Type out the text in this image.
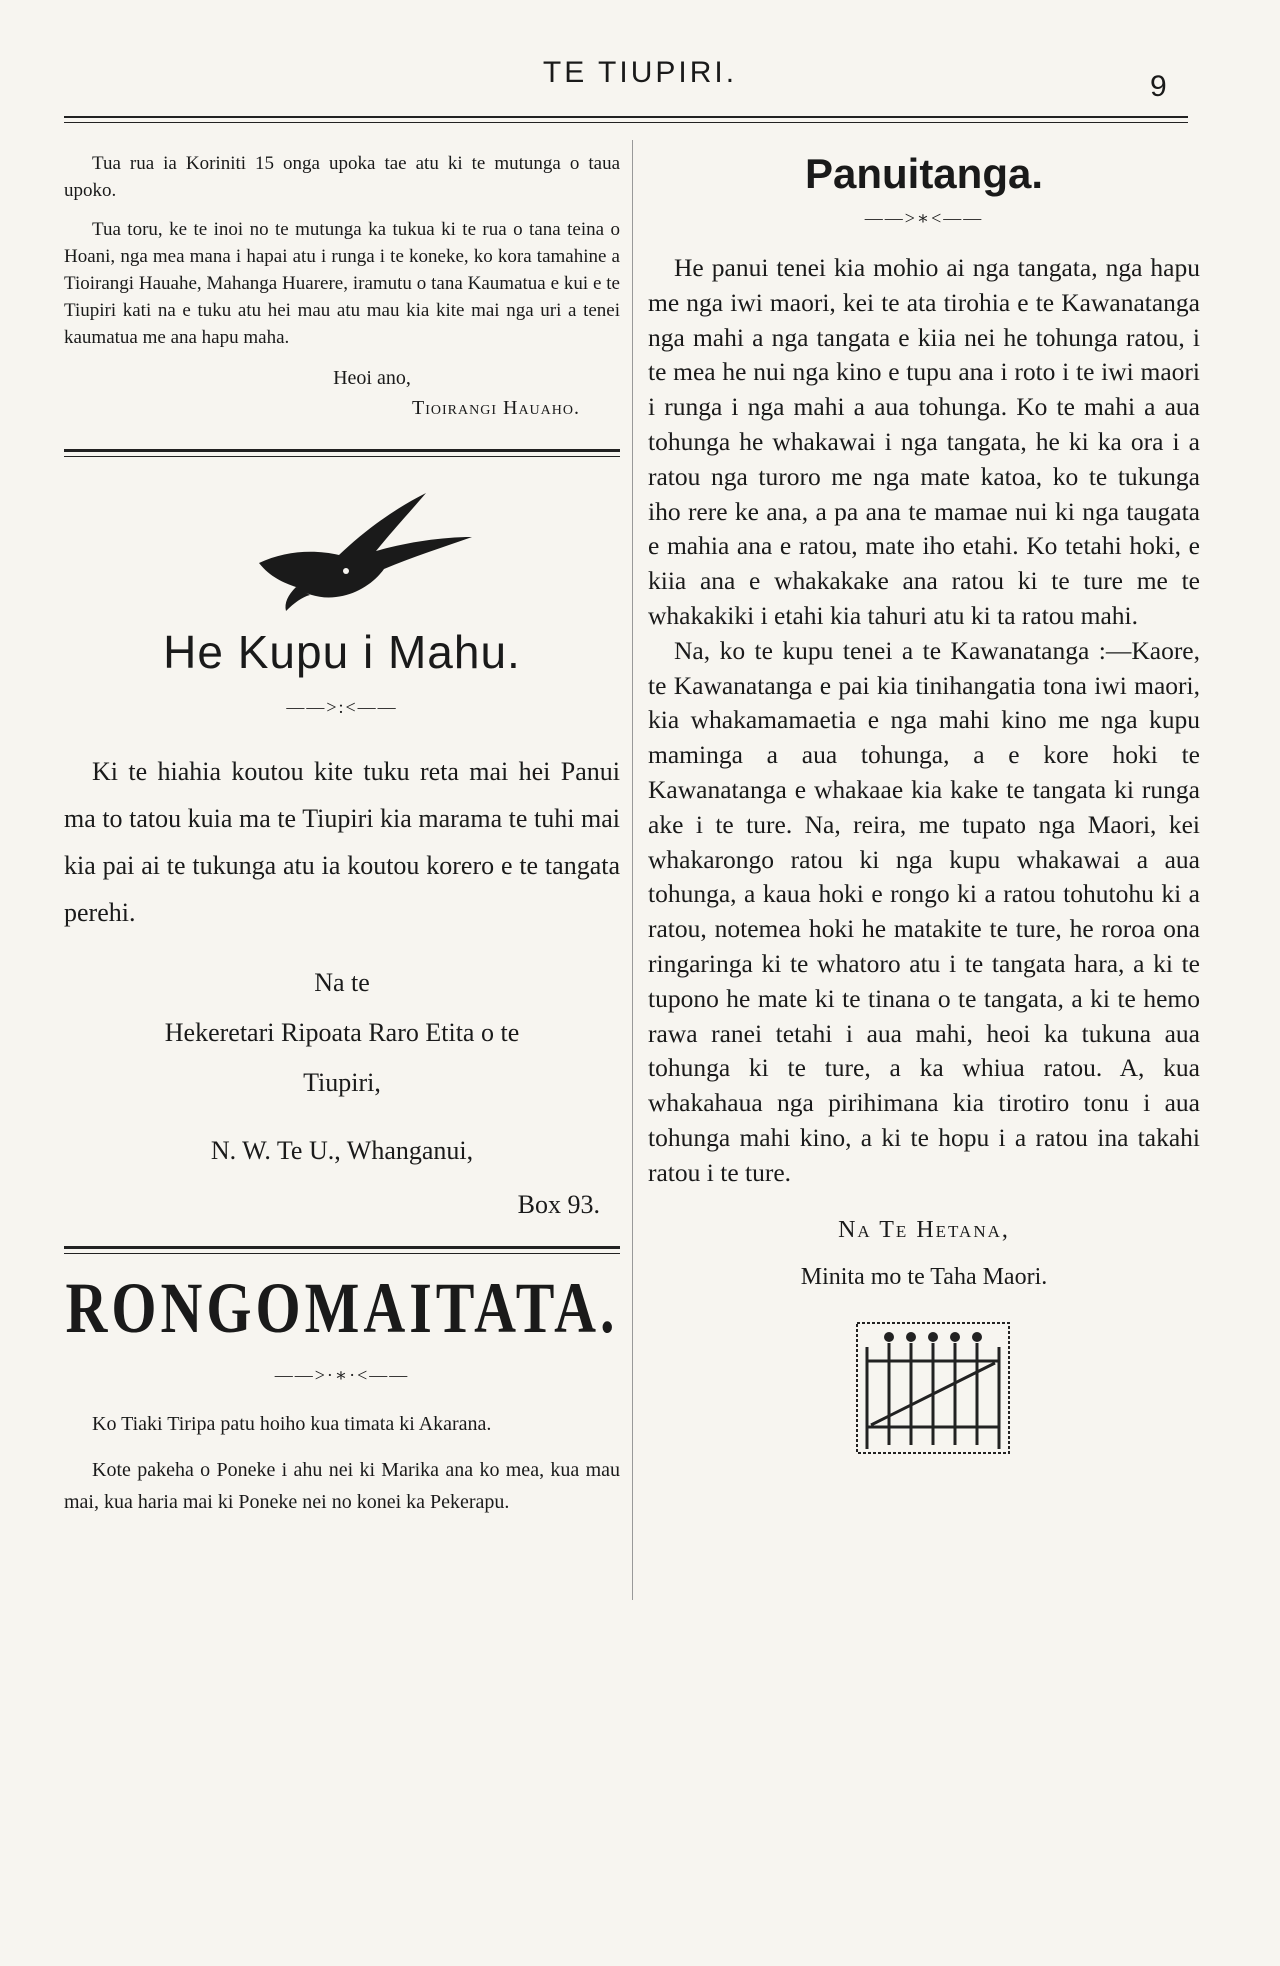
TE TIUPIRI.	9

Tua rua ia Koriniti 15 onga upoka tae atu ki te mutunga o taua upoko.

Tua toru, ke te inoi no te mutunga ka tukua ki te rua o tana teina o Hoani, nga mea mana i hapai atu i runga i te koneke, ko kora tamahine a Tioirangi Hauahe, Mahanga Huarere, iramutu o tana Kaumatua e kui e te Tiupiri kati na e tuku atu hei mau atu mau kia kite mai nga uri a tenei kaumatua me ana hapu maha.

Heoi ano,
Tioirangi Hauaho.
He Kupu i Mahu.
——>:<——

Ki te hiahia koutou kite tuku reta mai hei Panui ma to tatou kuia ma te Tiupiri kia marama te tuhi mai kia pai ai te tukunga atu ia koutou korero e te tangata perehi.

Na te
Hekeretari Ripoata Raro Etita o te
Tiupiri,
N. W. Te U., Whanganui,
Box 93.
RONGOMAITATA.
——>·∗·<——

Ko Tiaki Tiripa patu hoiho kua timata ki Akarana.

Kote pakeha o Poneke i ahu nei ki Marika ana ko mea, kua mau mai, kua haria mai ki Poneke nei no konei ka Pekerapu.

Panuitanga.
——>∗<——

He panui tenei kia mohio ai nga tangata, nga hapu me nga iwi maori, kei te ata tirohia e te Kawanatanga nga mahi a nga tangata e kiia nei he tohunga ratou, i te mea he nui nga kino e tupu ana i roto i te iwi maori i runga i nga mahi a aua tohunga. Ko te mahi a aua tohunga he whakawai i nga tangata, he ki ka ora i a ratou nga turoro me nga mate katoa, ko te tukunga iho rere ke ana, a pa ana te mamae nui ki nga taugata e mahia ana e ratou, mate iho etahi. Ko tetahi hoki, e kiia ana e whakakake ana ratou ki te ture me te whakakiki i etahi kia tahuri atu ki ta ratou mahi.

Na, ko te kupu tenei a te Kawanatanga :—Kaore, te Kawanatanga e pai kia tinihangatia tona iwi maori, kia whakamamaetia e nga mahi kino me nga kupu maminga a aua tohunga, a e kore hoki te Kawanatanga e whakaae kia kake te tangata ki runga ake i te ture. Na, reira, me tupato nga Maori, kei whakarongo ratou ki nga kupu whakawai a aua tohunga, a kaua hoki e rongo ki a ratou tohutohu ki a ratou, notemea hoki he matakite te ture, he roroa ona ringaringa ki te whatoro atu i te tangata hara, a ki te tupono he mate ki te tinana o te tangata, a ki te hemo rawa ranei tetahi i aua mahi, heoi ka tukuna aua tohunga ki te ture, a ka whiua ratou. A, kua whakahaua nga pirihimana kia tirotiro tonu i aua tohunga mahi kino, a ki te hopu i a ratou ina takahi ratou i te ture.

Na Te Hetana,
Minita mo te Taha Maori.
